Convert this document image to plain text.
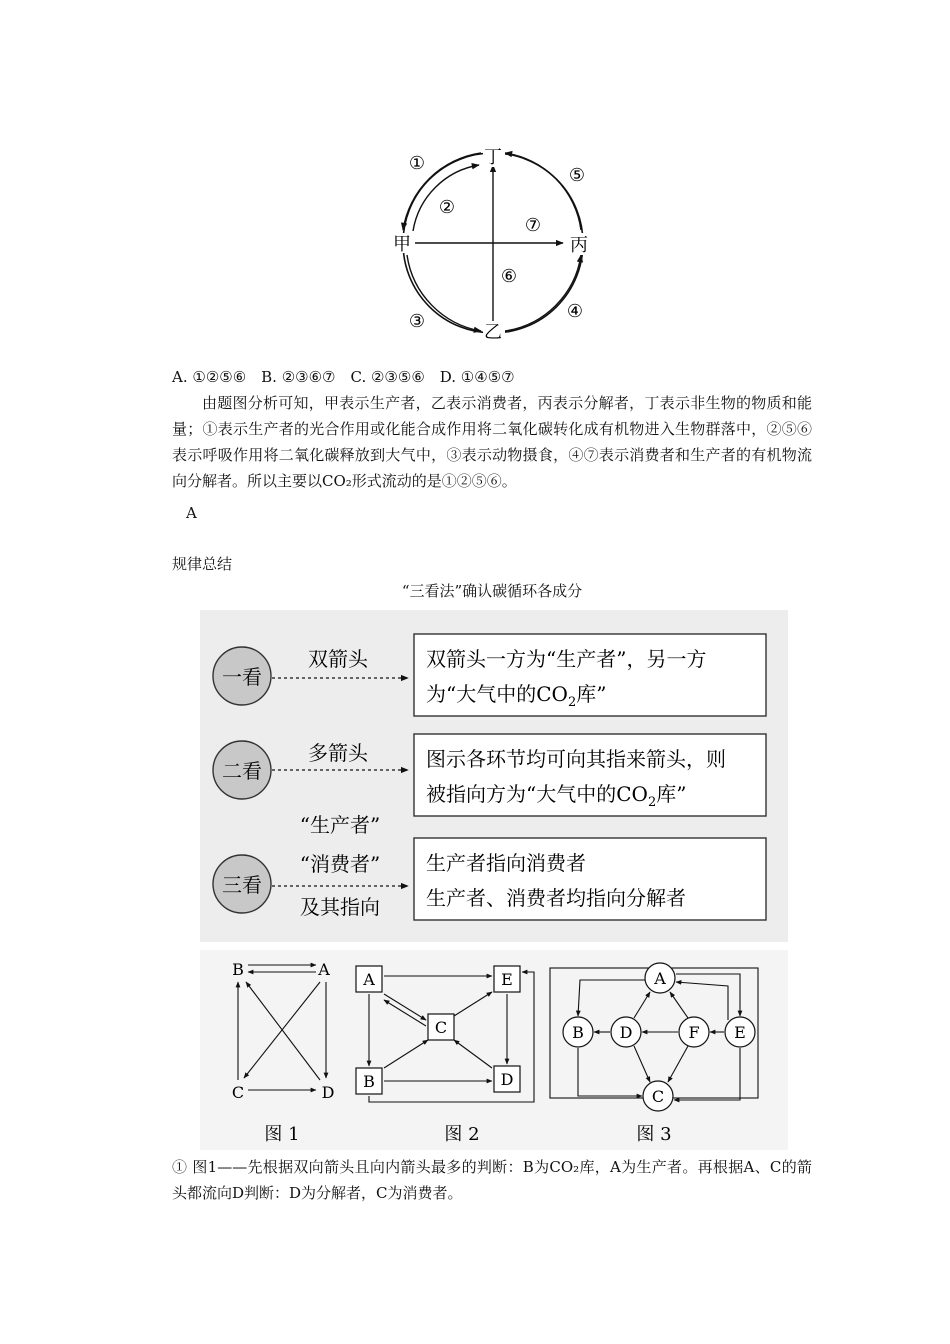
丁
甲	丙
乙
①
②
③	④
⑤
⑥
⑦
A. ①②⑤⑥　B. ②③⑥⑦　C. ②③⑤⑥　D. ①④⑤⑦
由题图分析可知，甲表示生产者，乙表示消费者，丙表示分解者，丁表示非生物的物质和能量；①表示生产者的光合作用或化能合成作用将二氧化碳转化成有机物进入生物群落中，②⑤⑥表示呼吸作用将二氧化碳释放到大气中，③表示动物摄食，④⑦表示消费者和生产者的有机物流向分解者。所以主要以CO₂形式流动的是①②⑤⑥。
A
规律总结
“三看法”确认碳循环各成分
一看
双箭头	双箭头一方为“生产者”，另一方
为“大气中的$CO_2$库”
二看
多箭头	图示各环节均可向其指来箭头，则
被指向方为“大气中的$CO_2$库”
“生产者”
“消费者”
三看
及其指向
生产者指向消费者
生产者、消费者均指向分解者
B	A
C	D
图 1
A	E
C
B	D
图 2
A
B D	F E
C
图 3
① 图1——先根据双向箭头且向内箭头最多的判断：B为CO₂库，A为生产者。再根据A、C的箭头都流向D判断：D为分解者，C为消费者。
